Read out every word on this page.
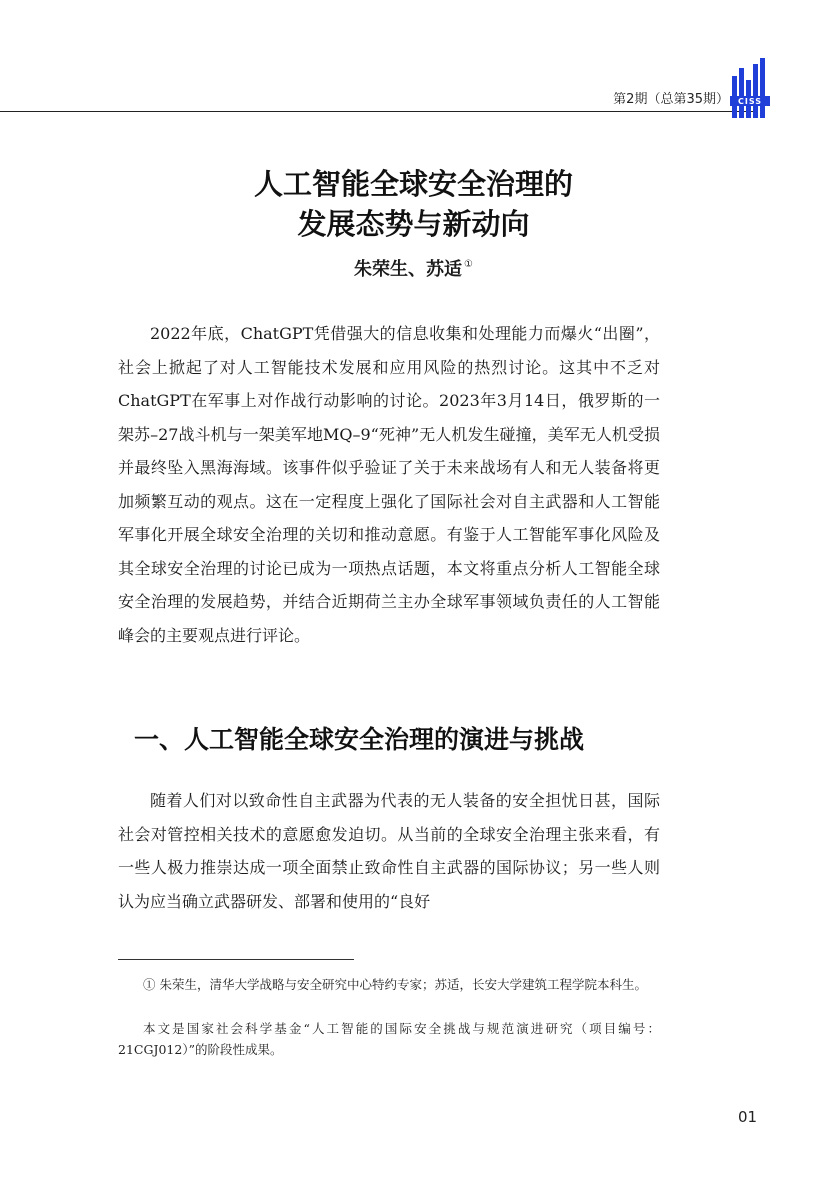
第2期（总第35期） CISS
人工智能全球安全治理的
发展态势与新动向
朱荣生、苏适 ①

2022年底，ChatGPT凭借强大的信息收集和处理能力而爆火“出圈”，社会上掀起了对人工智能技术发展和应用风险的热烈讨论。这其中不乏对ChatGPT在军事上对作战行动影响的讨论。2023年3月14日，俄罗斯的一架苏–27战斗机与一架美军地MQ–9“死神”无人机发生碰撞，美军无人机受损并最终坠入黑海海域。该事件似乎验证了关于未来战场有人和无人装备将更加频繁互动的观点。这在一定程度上强化了国际社会对自主武器和人工智能军事化开展全球安全治理的关切和推动意愿。有鉴于人工智能军事化风险及其全球安全治理的讨论已成为一项热点话题，本文将重点分析人工智能全球安全治理的发展趋势，并结合近期荷兰主办全球军事领域负责任的人工智能峰会的主要观点进行评论。

一、人工智能全球安全治理的演进与挑战

随着人们对以致命性自主武器为代表的无人装备的安全担忧日甚，国际社会对管控相关技术的意愿愈发迫切。从当前的全球安全治理主张来看，有一些人极力推崇达成一项全面禁止致命性自主武器的国际协议；另一些人则认为应当确立武器研发、部署和使用的“良好

① 朱荣生，清华大学战略与安全研究中心特约专家；苏适，长安大学建筑工程学院本科生。

本文是国家社会科学基金“人工智能的国际安全挑战与规范演进研究（项目编号：21CGJ012）”的阶段性成果。

01
